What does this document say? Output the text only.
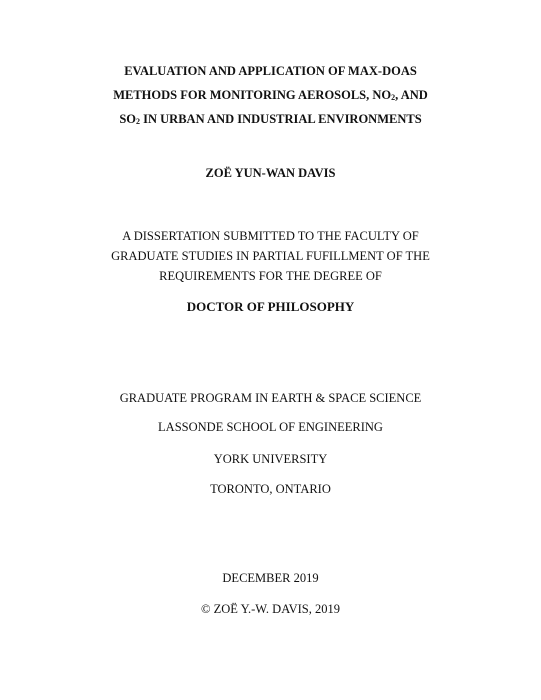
EVALUATION AND APPLICATION OF MAX-DOAS
METHODS FOR MONITORING AEROSOLS, $NO_2$, AND
$SO_2$ IN URBAN AND INDUSTRIAL ENVIRONMENTS
ZOË YUN-WAN DAVIS
A DISSERTATION SUBMITTED TO THE FACULTY OF
GRADUATE STUDIES IN PARTIAL FUFILLMENT OF THE
REQUIREMENTS FOR THE DEGREE OF
DOCTOR OF PHILOSOPHY
GRADUATE PROGRAM IN EARTH & SPACE SCIENCE
LASSONDE SCHOOL OF ENGINEERING
YORK UNIVERSITY
TORONTO, ONTARIO
DECEMBER 2019
© ZOË Y.-W. DAVIS, 2019
